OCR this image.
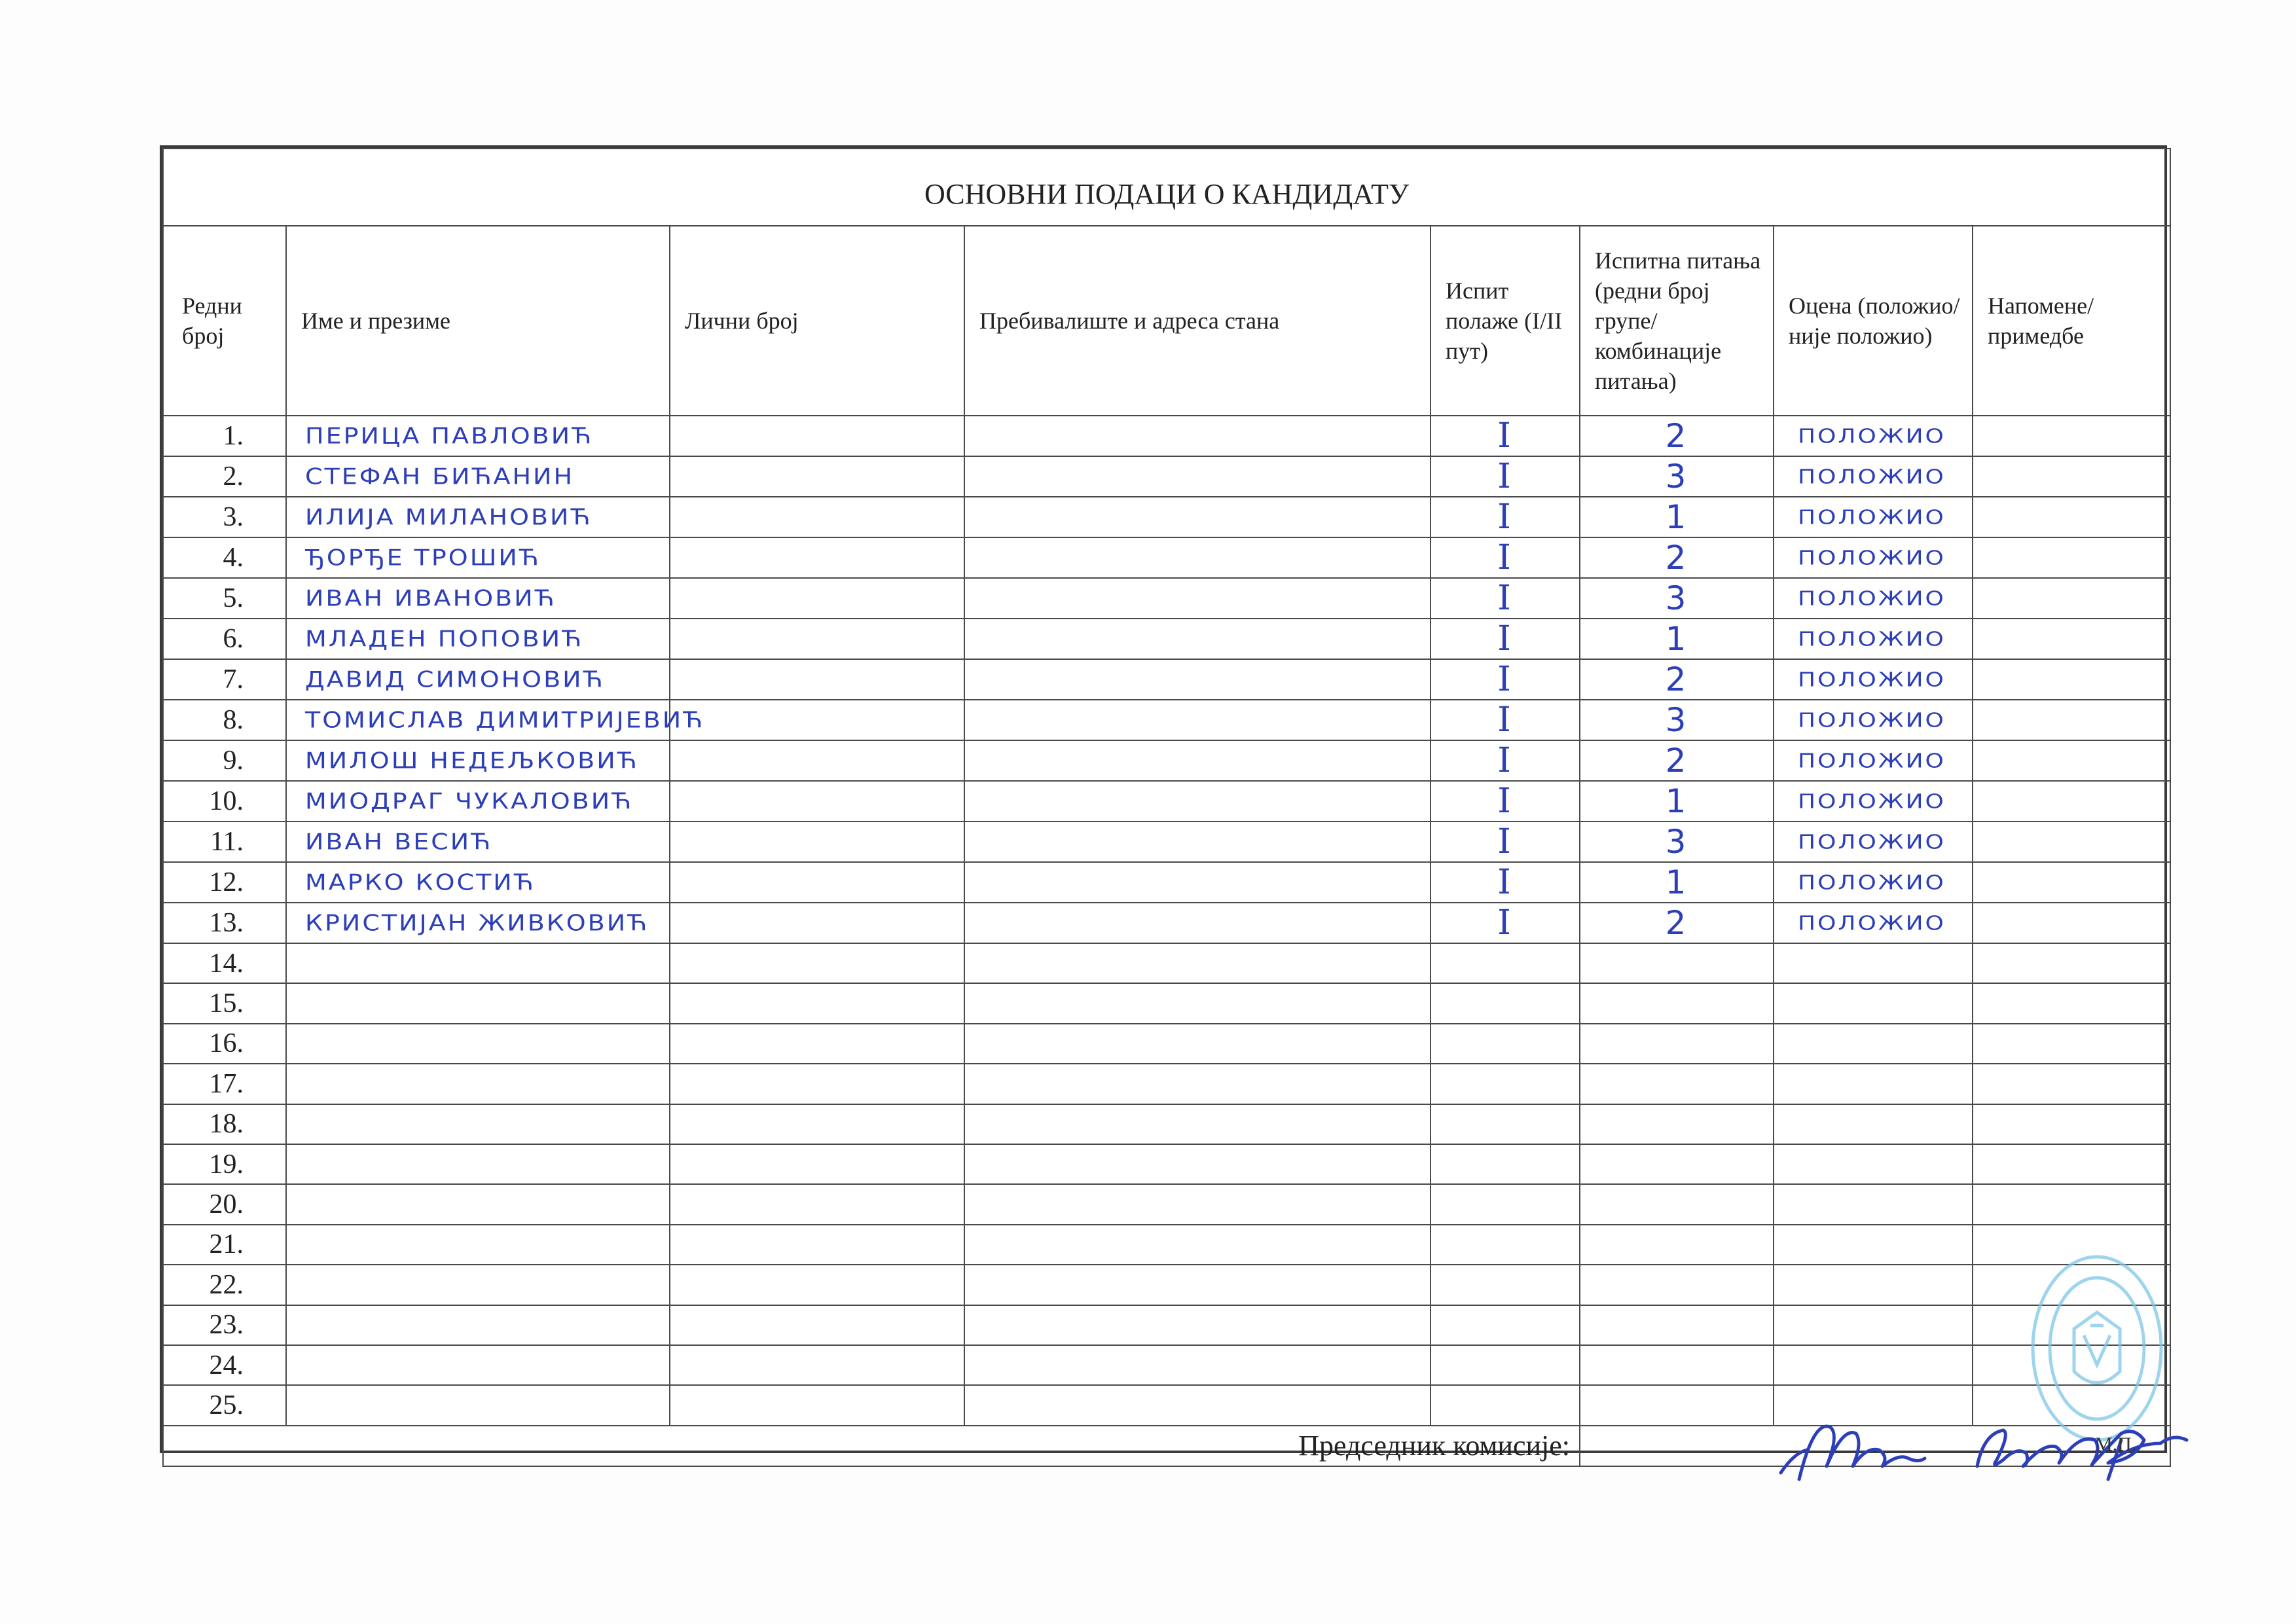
ОСНОВНИ ПОДАЦИ О КАНДИДАТУ							
Редни број	Име и презиме	Лични број	Пребивалиште и адреса стана	Испит полаже (I/II пут)	Испитна питања (редни број групе/ комбинације питања)	Оцена (положио/ није положио)	Напомене/ примедбе
1.	ПЕРИЦА ПАВЛОВИЋ			I	2	ПОЛОЖИО	
2.	СТЕФАН БИЋАНИН			I	3	ПОЛОЖИО	
3.	ИЛИЈА МИЛАНОВИЋ			I	1	ПОЛОЖИО	
4.	ЂОРЂЕ ТРОШИЋ			I	2	ПОЛОЖИО	
5.	ИВАН ИВАНОВИЋ			I	3	ПОЛОЖИО	
6.	МЛАДЕН ПОПОВИЋ			I	1	ПОЛОЖИО	
7.	ДАВИД СИМОНОВИЋ			I	2	ПОЛОЖИО	
8.	ТОМИСЛАВ ДИМИТРИЈЕВИЋ			I	3	ПОЛОЖИО	
9.	МИЛОШ НЕДЕЉКОВИЋ			I	2	ПОЛОЖИО	
10.	МИОДРАГ ЧУКАЛОВИЋ			I	1	ПОЛОЖИО	
11.	ИВАН ВЕСИЋ			I	3	ПОЛОЖИО	
12.	МАРКО КОСТИЋ			I	1	ПОЛОЖИО	
13.	КРИСТИЈАН ЖИВКОВИЋ			I	2	ПОЛОЖИО	
14.							
15.							
16.							
17.							
18.							
19.							
20.							
21.							
22.							
23.							
24.							
25.							
Председник комисије:								М.П.
